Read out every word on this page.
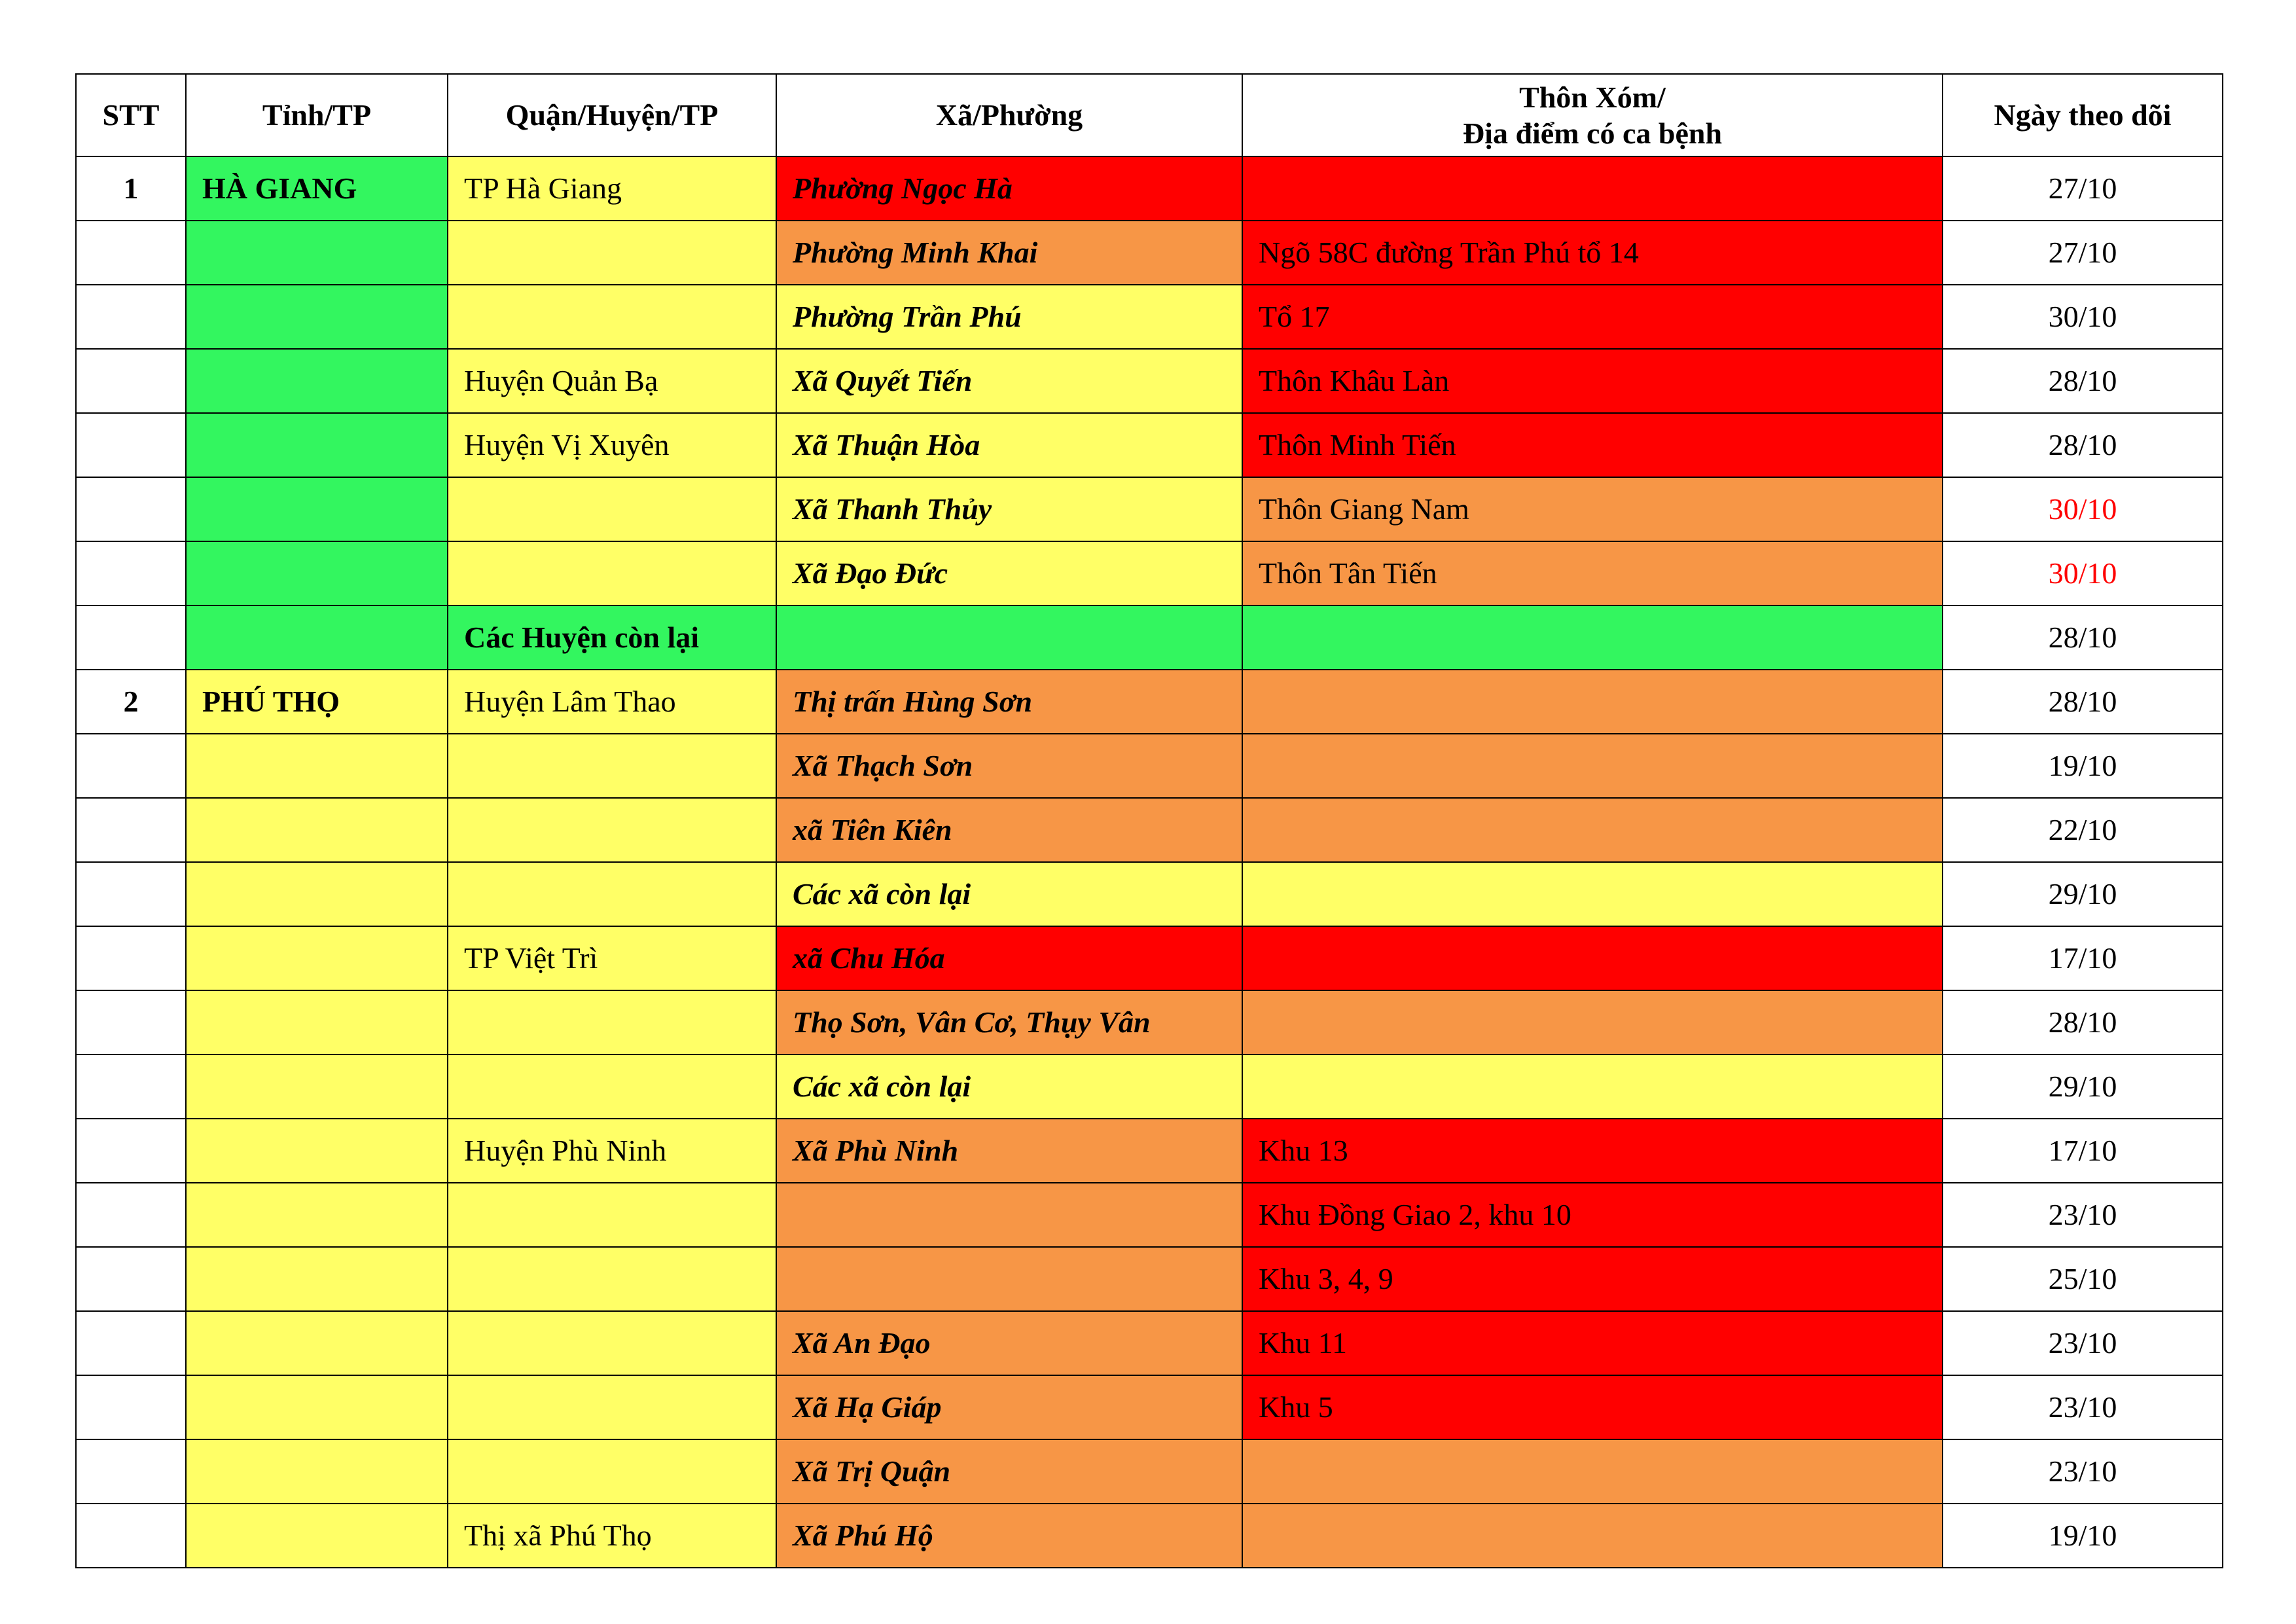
STT	Tỉnh/TP	Quận/Huyện/TP	Xã/Phường	Thôn Xóm/
Địa điểm có ca bệnh	Ngày theo dõi
1	HÀ GIANG	TP Hà Giang	Phường Ngọc Hà		27/10
			Phường Minh Khai	Ngõ 58C đường Trần Phú tổ 14	27/10
			Phường Trần Phú	Tổ 17	30/10
		Huyện Quản Bạ	Xã Quyết Tiến	Thôn Khâu Làn	28/10
		Huyện Vị Xuyên	Xã Thuận Hòa	Thôn Minh Tiến	28/10
			Xã Thanh Thủy	Thôn Giang Nam	30/10
			Xã Đạo Đức	Thôn Tân Tiến	30/10
		Các Huyện còn lại			28/10
2	PHÚ THỌ	Huyện Lâm Thao	Thị trấn Hùng Sơn		28/10
			Xã Thạch Sơn		19/10
			xã Tiên Kiên		22/10
			Các xã còn lại		29/10
		TP Việt Trì	xã Chu Hóa		17/10
			Thọ Sơn, Vân Cơ, Thụy Vân		28/10
			Các xã còn lại		29/10
		Huyện Phù Ninh	Xã Phù Ninh	Khu 13	17/10
				Khu Đồng Giao 2, khu 10	23/10
				Khu 3, 4, 9	25/10
			Xã An Đạo	Khu 11	23/10
			Xã Hạ Giáp	Khu 5	23/10
			Xã Trị Quận		23/10
		Thị xã Phú Thọ	Xã Phú Hộ		19/10
